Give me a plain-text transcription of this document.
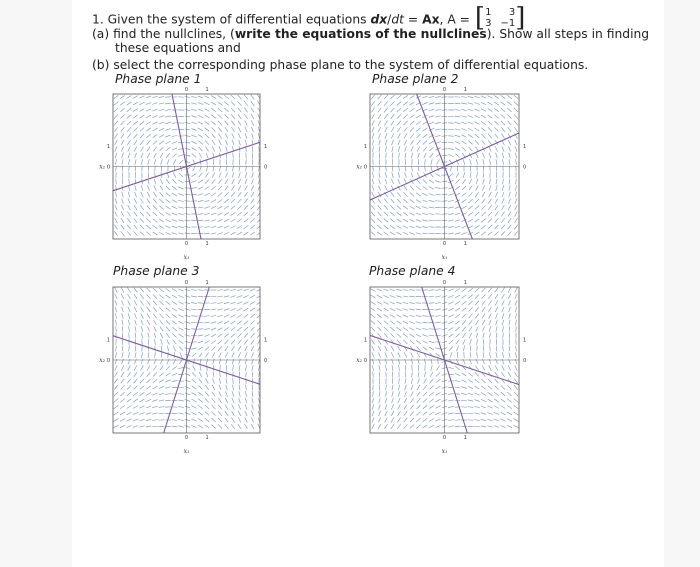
1. Given the system of differential equations dx/dt = Ax, A = [ 1	3
3 −1 ]
(a) find the nullclines, (write the equations of the nullclines). Show all steps in finding
these equations and
(b) select the corresponding phase plane to the system of differential equations.
Phase plane 1	Phase plane 2
Phase plane 3	Phase plane 4
0	1
0	1
1	1
0
x₂ 0
x₁
0	1
0	1
1	1
0
x₂ 0
x₁
0	1
0	1
1	1
0
x₂ 0
x₁
0	1
0	1
1	1
0
x₂ 0
x₁
